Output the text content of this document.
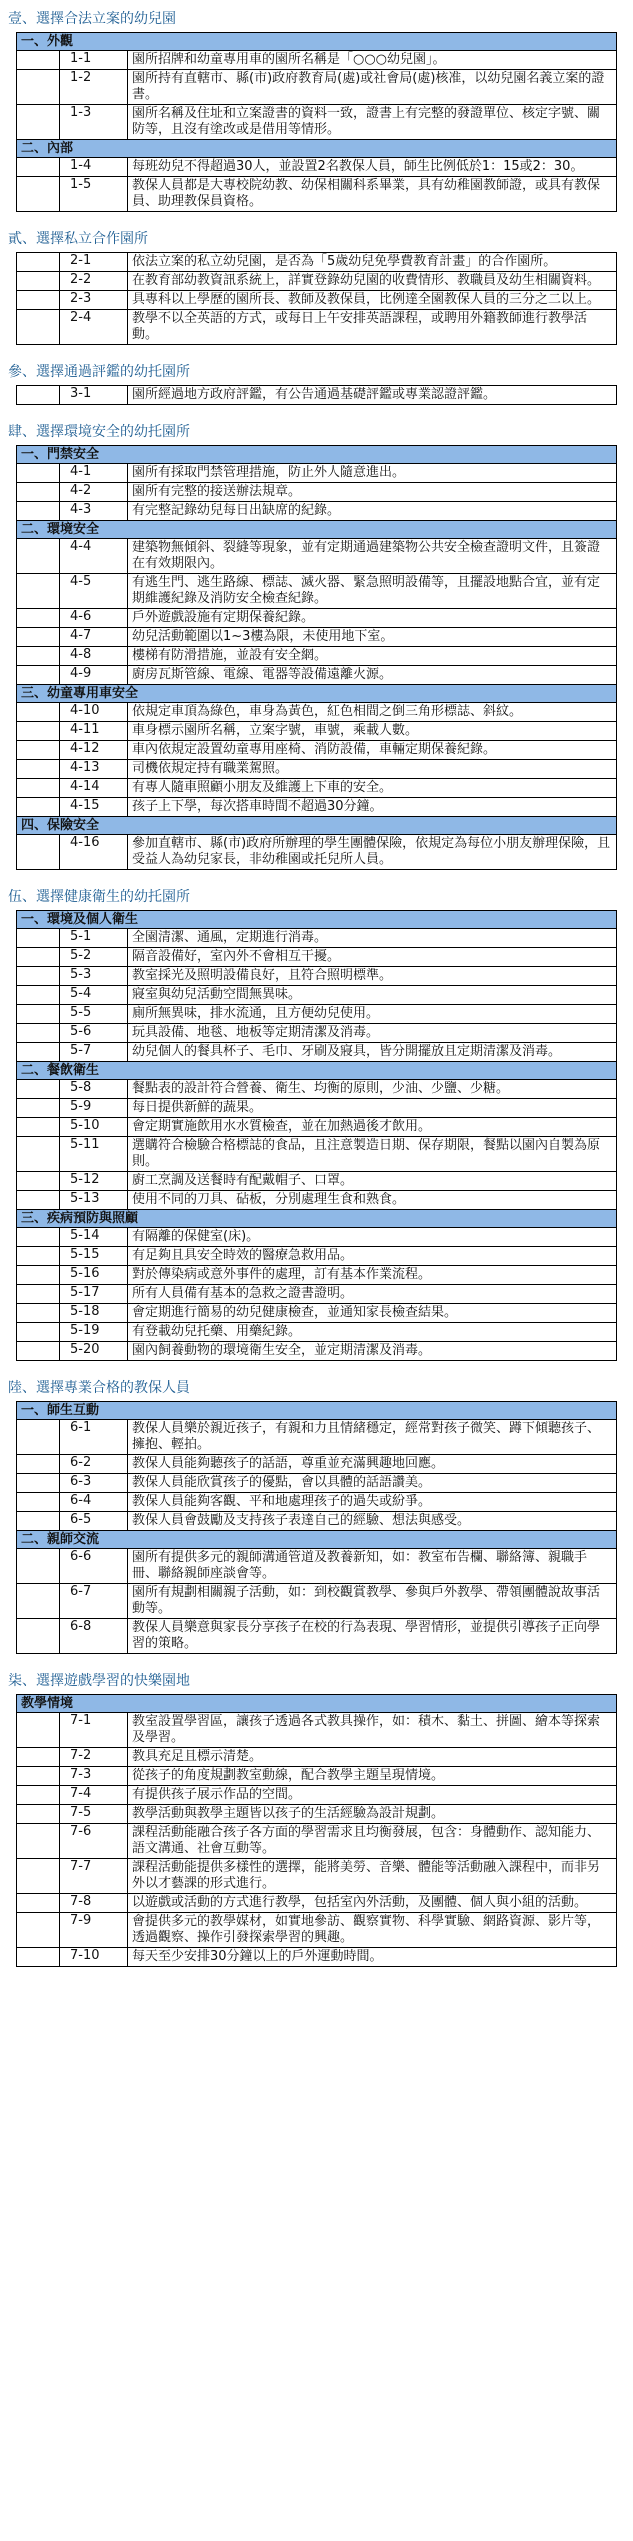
壹、選擇合法立案的幼兒園
一、外觀
1-1	園所招牌和幼童專用車的園所名稱是「○○○幼兒園」。
1-2	園所持有直轄市、縣(市)政府教育局(處)或社會局(處)核准，以幼兒園名義立案的證書。
1-3	園所名稱及住址和立案證書的資料一致，證書上有完整的發證單位、核定字號、關防等，且沒有塗改或是借用等情形。
二、內部
1-4	每班幼兒不得超過30人，並設置2名教保人員，師生比例低於1：15或2：30。
1-5	教保人員都是大專校院幼教、幼保相關科系畢業，具有幼稚園教師證，或具有教保員、助理教保員資格。
貳、選擇私立合作園所
2-1	依法立案的私立幼兒園，是否為「5歲幼兒免學費教育計畫」的合作園所。
2-2	在教育部幼教資訊系統上，詳實登錄幼兒園的收費情形、教職員及幼生相關資料。
2-3	具專科以上學歷的園所長、教師及教保員，比例達全園教保人員的三分之二以上。
2-4	教學不以全英語的方式，或每日上午安排英語課程，或聘用外籍教師進行教學活動。
參、選擇通過評鑑的幼托園所
3-1	園所經過地方政府評鑑，有公告通過基礎評鑑或專業認證評鑑。
肆、選擇環境安全的幼托園所
一、門禁安全
4-1	園所有採取門禁管理措施，防止外人隨意進出。
4-2	園所有完整的接送辦法規章。
4-3	有完整記錄幼兒每日出缺席的紀錄。
二、環境安全
4-4	建築物無傾斜、裂縫等現象，並有定期通過建築物公共安全檢查證明文件，且簽證在有效期限內。
4-5	有逃生門、逃生路線、標誌、滅火器、緊急照明設備等，且擺設地點合宜，並有定期維護紀錄及消防安全檢查紀錄。
4-6	戶外遊戲設施有定期保養紀錄。
4-7	幼兒活動範圍以1~3樓為限，未使用地下室。
4-8	樓梯有防滑措施，並設有安全網。
4-9	廚房瓦斯管線、電線、電器等設備遠離火源。
三、幼童專用車安全
4-10	依規定車頂為綠色，車身為黃色，紅色相間之倒三角形標誌、斜紋。
4-11	車身標示園所名稱，立案字號，車號，乘載人數。
4-12	車內依規定設置幼童專用座椅、消防設備，車輛定期保養紀錄。
4-13	司機依規定持有職業駕照。
4-14	有專人隨車照顧小朋友及維護上下車的安全。
4-15	孩子上下學，每次搭車時間不超過30分鐘。
四、保險安全
4-16	參加直轄市、縣(市)政府所辦理的學生團體保險，依規定為每位小朋友辦理保險，且受益人為幼兒家長，非幼稚園或托兒所人員。
伍、選擇健康衛生的幼托園所
一、環境及個人衛生
5-1	全園清潔、通風，定期進行消毒。
5-2	隔音設備好，室內外不會相互干擾。
5-3	教室採光及照明設備良好，且符合照明標準。
5-4	寢室與幼兒活動空間無異味。
5-5	廁所無異味，排水流通，且方便幼兒使用。
5-6	玩具設備、地毯、地板等定期清潔及消毒。
5-7	幼兒個人的餐具杯子、毛巾、牙刷及寢具，皆分開擺放且定期清潔及消毒。
二、餐飲衛生
5-8	餐點表的設計符合營養、衛生、均衡的原則，少油、少鹽、少糖。
5-9	每日提供新鮮的蔬果。
5-10	會定期實施飲用水水質檢查，並在加熱過後才飲用。
5-11	選購符合檢驗合格標誌的食品，且注意製造日期、保存期限，餐點以園內自製為原則。
5-12	廚工烹調及送餐時有配戴帽子、口罩。
5-13	使用不同的刀具、砧板，分別處理生食和熟食。
三、疾病預防與照顧
5-14	有隔離的保健室(床)。
5-15	有足夠且具安全時效的醫療急救用品。
5-16	對於傳染病或意外事件的處理，訂有基本作業流程。
5-17	所有人員備有基本的急救之證書證明。
5-18	會定期進行簡易的幼兒健康檢查，並通知家長檢查結果。
5-19	有登載幼兒托藥、用藥紀錄。
5-20	園內飼養動物的環境衛生安全，並定期清潔及消毒。
陸、選擇專業合格的教保人員
一、師生互動
6-1	教保人員樂於親近孩子，有親和力且情緒穩定，經常對孩子微笑、蹲下傾聽孩子、擁抱、輕拍。
6-2	教保人員能夠聽孩子的話語，尊重並充滿興趣地回應。
6-3	教保人員能欣賞孩子的優點，會以具體的話語讚美。
6-4	教保人員能夠客觀、平和地處理孩子的過失或紛爭。
6-5	教保人員會鼓勵及支持孩子表達自己的經驗、想法與感受。
二、親師交流
6-6	園所有提供多元的親師溝通管道及教養新知，如：教室布告欄、聯絡簿、親職手冊、聯絡親師座談會等。
6-7	園所有規劃相關親子活動，如：到校觀賞教學、參與戶外教學、帶領團體說故事活動等。
6-8	教保人員樂意與家長分享孩子在校的行為表現、學習情形，並提供引導孩子正向學習的策略。
柒、選擇遊戲學習的快樂園地
教學情境
7-1	教室設置學習區，讓孩子透過各式教具操作，如：積木、黏土、拼圖、繪本等探索及學習。
7-2	教具充足且標示清楚。
7-3	從孩子的角度規劃教室動線，配合教學主題呈現情境。
7-4	有提供孩子展示作品的空間。
7-5	教學活動與教學主題皆以孩子的生活經驗為設計規劃。
7-6	課程活動能融合孩子各方面的學習需求且均衡發展，包含：身體動作、認知能力、語文溝通、社會互動等。
7-7	課程活動能提供多樣性的選擇，能將美勞、音樂、體能等活動融入課程中，而非另外以才藝課的形式進行。
7-8	以遊戲或活動的方式進行教學，包括室內外活動，及團體、個人與小組的活動。
7-9	會提供多元的教學媒材，如實地參訪、觀察實物、科學實驗、網路資源、影片等，透過觀察、操作引發探索學習的興趣。
7-10	每天至少安排30分鐘以上的戶外運動時間。
